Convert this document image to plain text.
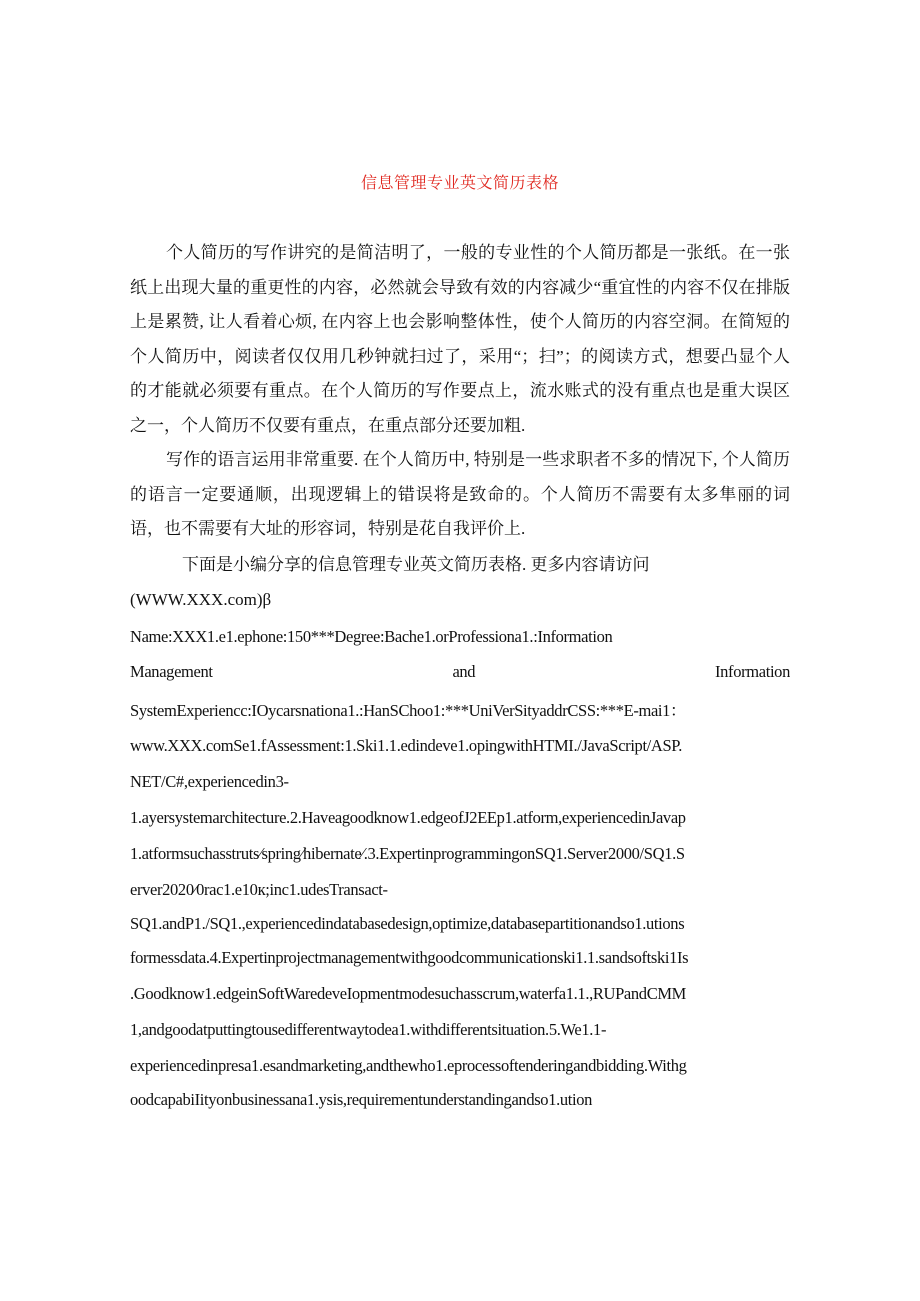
信息管理专业英文简历表格

个人简历的写作讲究的是简洁明了，一般的专业性的个人简历都是一张纸。在一张纸上出现大量的重更性的内容，必然就会导致有效的内容减少“重宜性的内容不仅在排版上是累赞, 让人看着心烦, 在内容上也会影响整体性，使个人简历的内容空洞。在简短的个人简历中，阅读者仅仅用几秒钟就扫过了，采用“；扫”；的阅读方式，想要凸显个人的才能就必须要有重点。在个人简历的写作要点上，流水账式的没有重点也是重大误区之一，个人简历不仅要有重点，在重点部分还要加粗.

写作的语言运用非常重要. 在个人简历中, 特别是一些求职者不多的情况下, 个人简历的语言一定要通顺，出现逻辑上的错误将是致命的。个人简历不需要有太多隼丽的词语，也不需要有大址的形容词，特别是花自我评价上.

下面是小编分享的信息管理专业英文简历表格. 更多内容请访问

(WWW.XXX.com)β
Name:XXX1.e1.ephone:150***Degree:Bache1.orProfessiona1.:Information
Management	and	Information
SystemExperiencc:IOycarsnationa1.:HanSChoo1:***UniVerSityaddrCSS:***E-mai1：
www.XXX.comSe1.fAssessment:1.Ski1.1.edindeve1.opingwithHTMI./JavaScript/ASP.
NET/C#,experiencedin3-
1.ayersystemarchitecture.2.Haveagoodknow1.edgeofJ2EEp1.atform,experiencedinJavap
1.atformsuchasstruts⁄spring⁄hibernate⁄.3.ExpertinprogrammingonSQ1.Server2000/SQ1.S
erver2020⁄0rac1.e10к;inc1.udesTransact-
SQ1.andP1./SQ1.,experiencedindatabasedesign,optimize,databasepartitionandso1.utions
formessdata.4.Expertinprojectmanagementwithgoodcommunicationski1.1.sandsoftski1Is
.Goodknow1.edgeinSoftWaredeveIopmentmodesuchasscrum,waterfa1.1.,RUPandCMM
1,andgoodatputtingtousedifferentwaytodea1.withdifferentsituation.5.We1.1-
experiencedinpresa1.esandmarketing,andthewho1.eprocessoftenderingandbidding.Withg
oodcapabiIityonbusinessana1.ysis,requirementunderstandingandso1.ution
